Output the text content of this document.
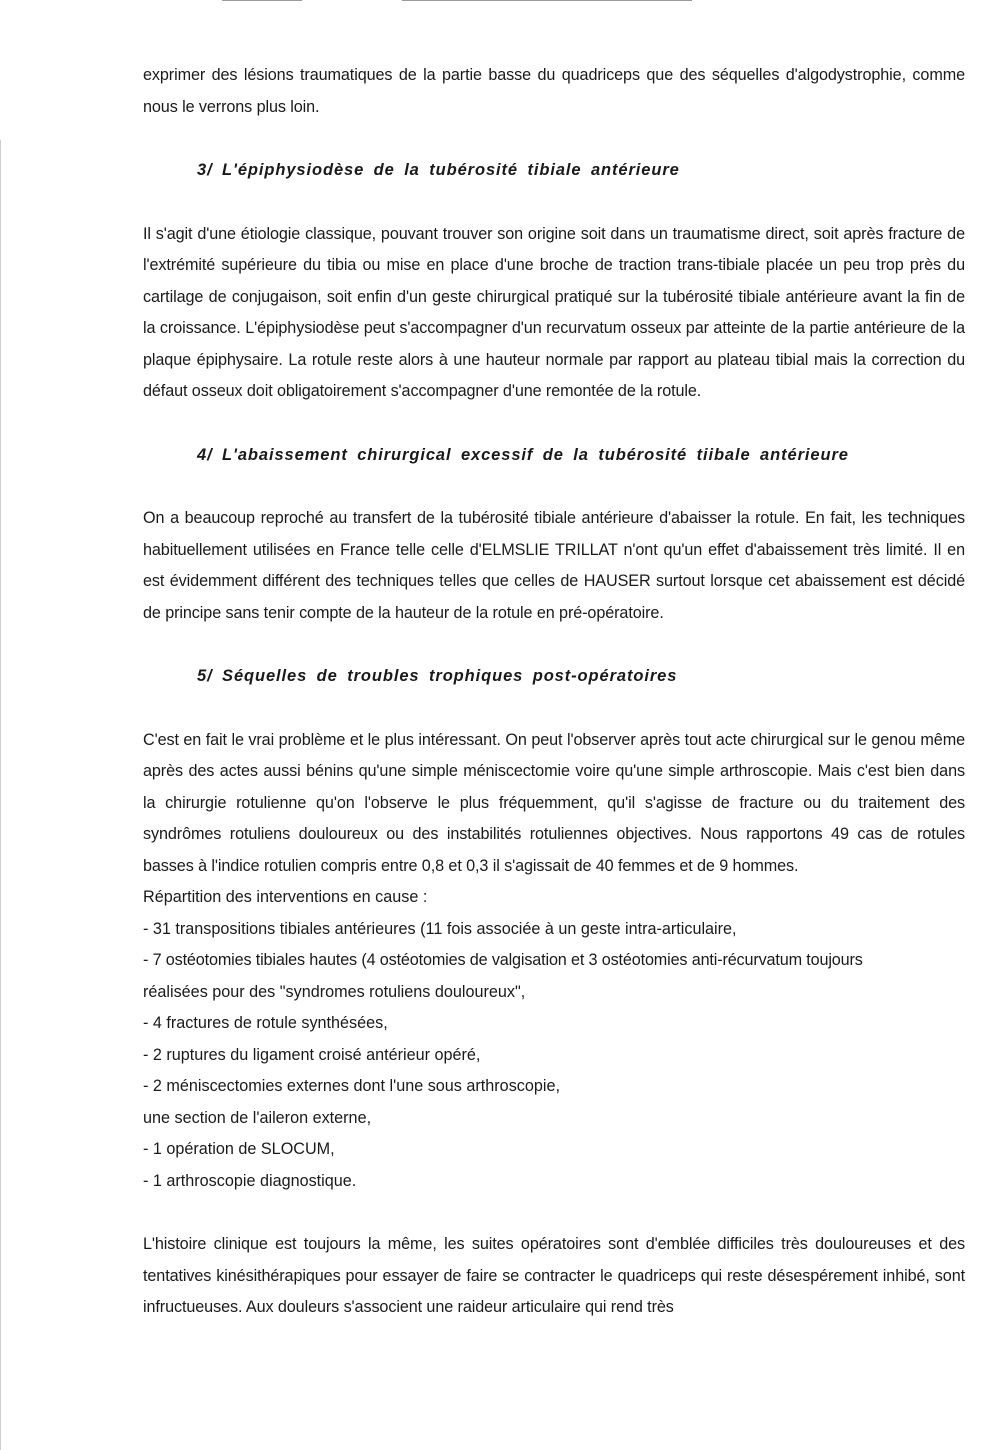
exprimer des lésions traumatiques de la partie basse du quadriceps que des séquelles d'algodystrophie, comme nous le verrons plus loin.

3/ L'épiphysiodèse de la tubérosité tibiale antérieure

Il s'agit d'une étiologie classique, pouvant trouver son origine soit dans un traumatisme direct, soit après fracture de l'extrémité supérieure du tibia ou mise en place d'une broche de traction trans-tibiale placée un peu trop près du cartilage de conjugaison, soit enfin d'un geste chirurgical pratiqué sur la tubérosité tibiale antérieure avant la fin de la croissance. L'épiphysiodèse peut s'accompagner d'un recurvatum osseux par atteinte de la partie antérieure de la plaque épiphysaire. La rotule reste alors à une hauteur normale par rapport au plateau tibial mais la correction du défaut osseux doit obligatoirement s'accompagner d'une remontée de la rotule.

4/ L'abaissement chirurgical excessif de la tubérosité tiibale antérieure

On a beaucoup reproché au transfert de la tubérosité tibiale antérieure d'abaisser la rotule. En fait, les techniques habituellement utilisées en France telle celle d'ELMSLIE TRILLAT n'ont qu'un effet d'abaissement très limité. Il en est évidemment différent des techniques telles que celles de HAUSER surtout lorsque cet abaissement est décidé de principe sans tenir compte de la hauteur de la rotule en pré-opératoire.

5/ Séquelles de troubles trophiques post-opératoires

C'est en fait le vrai problème et le plus intéressant. On peut l'observer après tout acte chirurgical sur le genou même après des actes aussi bénins qu'une simple méniscectomie voire qu'une simple arthroscopie. Mais c'est bien dans la chirurgie rotulienne qu'on l'observe le plus fréquemment, qu'il s'agisse de fracture ou du traitement des syndrômes rotuliens douloureux ou des instabilités rotuliennes objectives. Nous rapportons 49 cas de rotules basses à l'indice rotulien compris entre 0,8 et 0,3 il s'agissait de 40 femmes et de 9 hommes.

Répartition des interventions en cause :
- 31 transpositions tibiales antérieures (11 fois associée à un geste intra-articulaire,
- 7 ostéotomies tibiales hautes (4 ostéotomies de valgisation et 3 ostéotomies anti-récurvatum toujours
réalisées pour des "syndromes rotuliens douloureux",
- 4 fractures de rotule synthésées,
- 2 ruptures du ligament croisé antérieur opéré,
- 2 méniscectomies externes dont l'une sous arthroscopie,
une section de l'aileron externe,
- 1 opération de SLOCUM,
- 1 arthroscopie diagnostique.

L'histoire clinique est toujours la même, les suites opératoires sont d'emblée difficiles très douloureuses et des tentatives kinésithérapiques pour essayer de faire se contracter le quadriceps qui reste désespérement inhibé, sont infructueuses. Aux douleurs s'associent une raideur articulaire qui rend très
